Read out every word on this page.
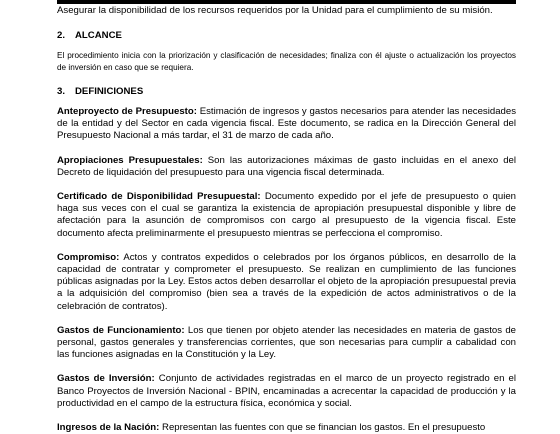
Asegurar la disponibilidad de los recursos requeridos por la Unidad para el cumplimiento de su misión.

2. ALCANCE

El procedimiento inicia con la priorización y clasificación de necesidades; finaliza con él ajuste o actualización los proyectos de inversión en caso que se requiera.

3. DEFINICIONES

Anteproyecto de Presupuesto: Estimación de ingresos y gastos necesarios para atender las necesidades de la entidad y del Sector en cada vigencia fiscal. Este documento, se radica en la Dirección General del Presupuesto Nacional a más tardar, el 31 de marzo de cada año.

Apropiaciones Presupuestales: Son las autorizaciones máximas de gasto incluidas en el anexo del Decreto de liquidación del presupuesto para una vigencia fiscal determinada.

Certificado de Disponibilidad Presupuestal: Documento expedido por el jefe de presupuesto o quien haga sus veces con el cual se garantiza la existencia de apropiación presupuestal disponible y libre de afectación para la asunción de compromisos con cargo al presupuesto de la vigencia fiscal. Este documento afecta preliminarmente el presupuesto mientras se perfecciona el compromiso.

Compromiso: Actos y contratos expedidos o celebrados por los órganos públicos, en desarrollo de la capacidad de contratar y comprometer el presupuesto. Se realizan en cumplimiento de las funciones públicas asignadas por la Ley. Estos actos deben desarrollar el objeto de la apropiación presupuestal previa a la adquisición del compromiso (bien sea a través de la expedición de actos administrativos o de la celebración de contratos).

Gastos de Funcionamiento: Los que tienen por objeto atender las necesidades en materia de gastos de personal, gastos generales y transferencias corrientes, que son necesarias para cumplir a cabalidad con las funciones asignadas en la Constitución y la Ley.

Gastos de Inversión: Conjunto de actividades registradas en el marco de un proyecto registrado en el Banco Proyectos de Inversión Nacional - BPIN, encaminadas a acrecentar la capacidad de producción y la productividad en el campo de la estructura física, económica y social.

Ingresos de la Nación: Representan las fuentes con que se financian los gastos. En el presupuesto
